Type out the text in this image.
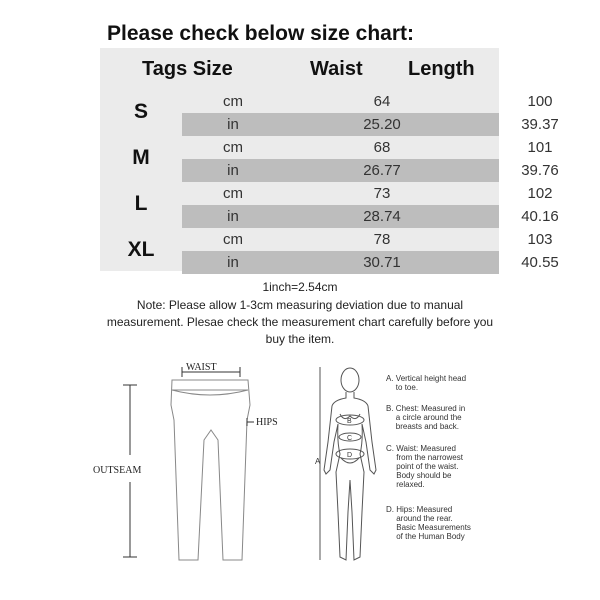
Please check below size chart:
Tags Size	Waist Length
S	cm	64	100
in	25.20	39.37
M	cm	68	101
in	26.77	39.76
L	cm	73	102
in	28.74	40.16
XL	cm	78	103
in	30.71	40.55
1inch=2.54cm
Note: Please allow 1-3cm measuring deviation due to manual measurement. Plesae check the measurement chart carefully before you buy the item.
WAIST
HIPS
OUTSEAM
A
B
C
D
A. Vertical height head
to toe.
B. Chest: Measured in
a circle around the
breasts and back.
C. Waist: Measured
from the narrowest
point of the waist.
Body should be
relaxed.
D. Hips: Measured
around the rear.
Basic Measurements
of the Human Body
